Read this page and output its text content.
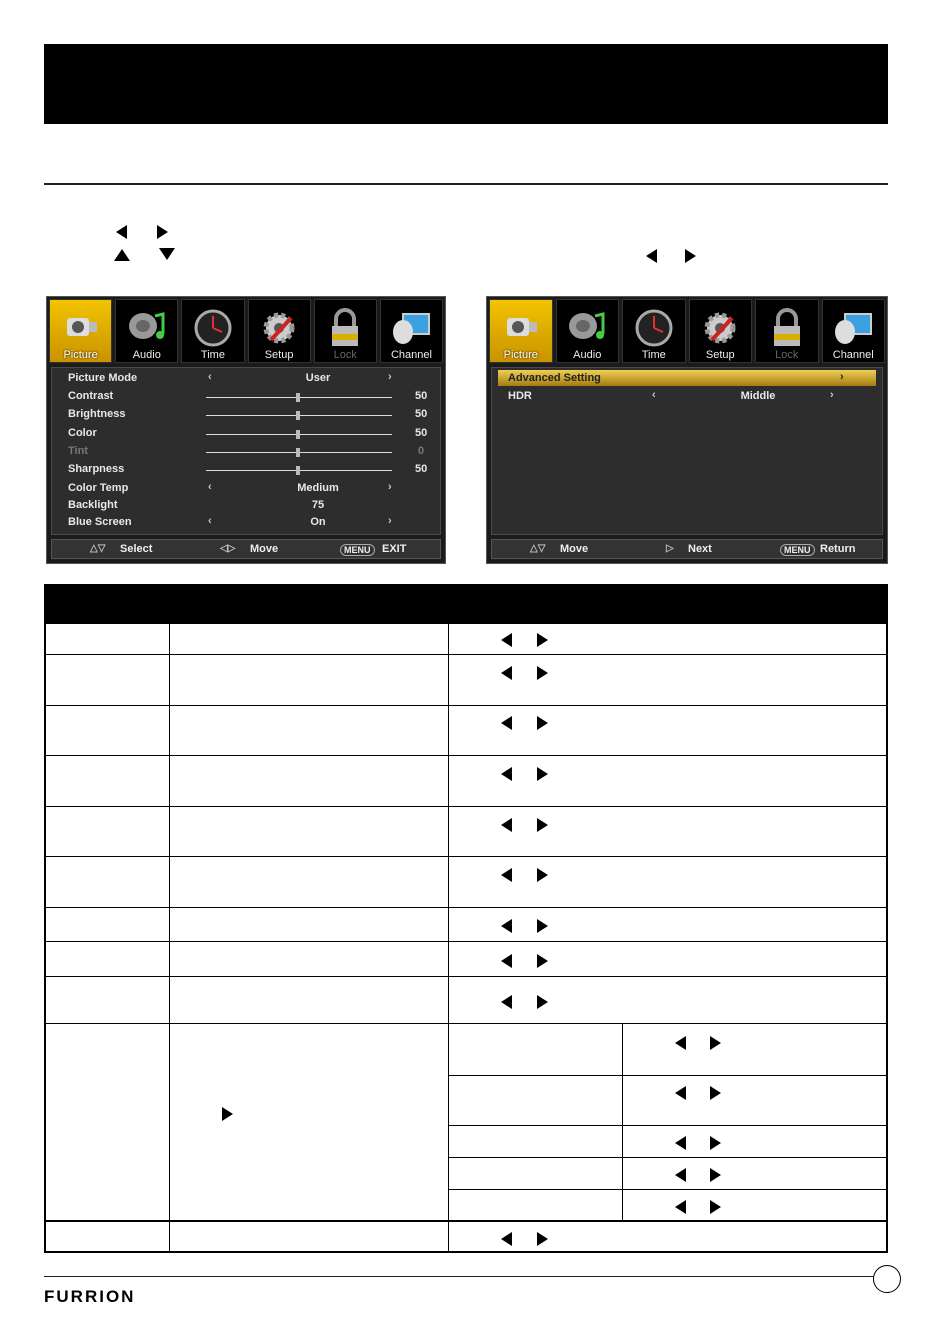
Picture	Audio	Time	Setup	Lock	Channel
Picture Mode	‹	User	›
Contrast	50
Brightness	50
Color	50
Tint	0
Sharpness	50
Color Temp	‹	Medium	›
Backlight	75
Blue Screen	‹	On	›
△▽ Select	◁▷ Move	MENU	EXIT
Picture	Audio	Time	Setup	Lock	Channel
Advanced Setting	›
HDR	‹	Middle	›
△▽ Move	▷ Next	MENU Return
FURRION
